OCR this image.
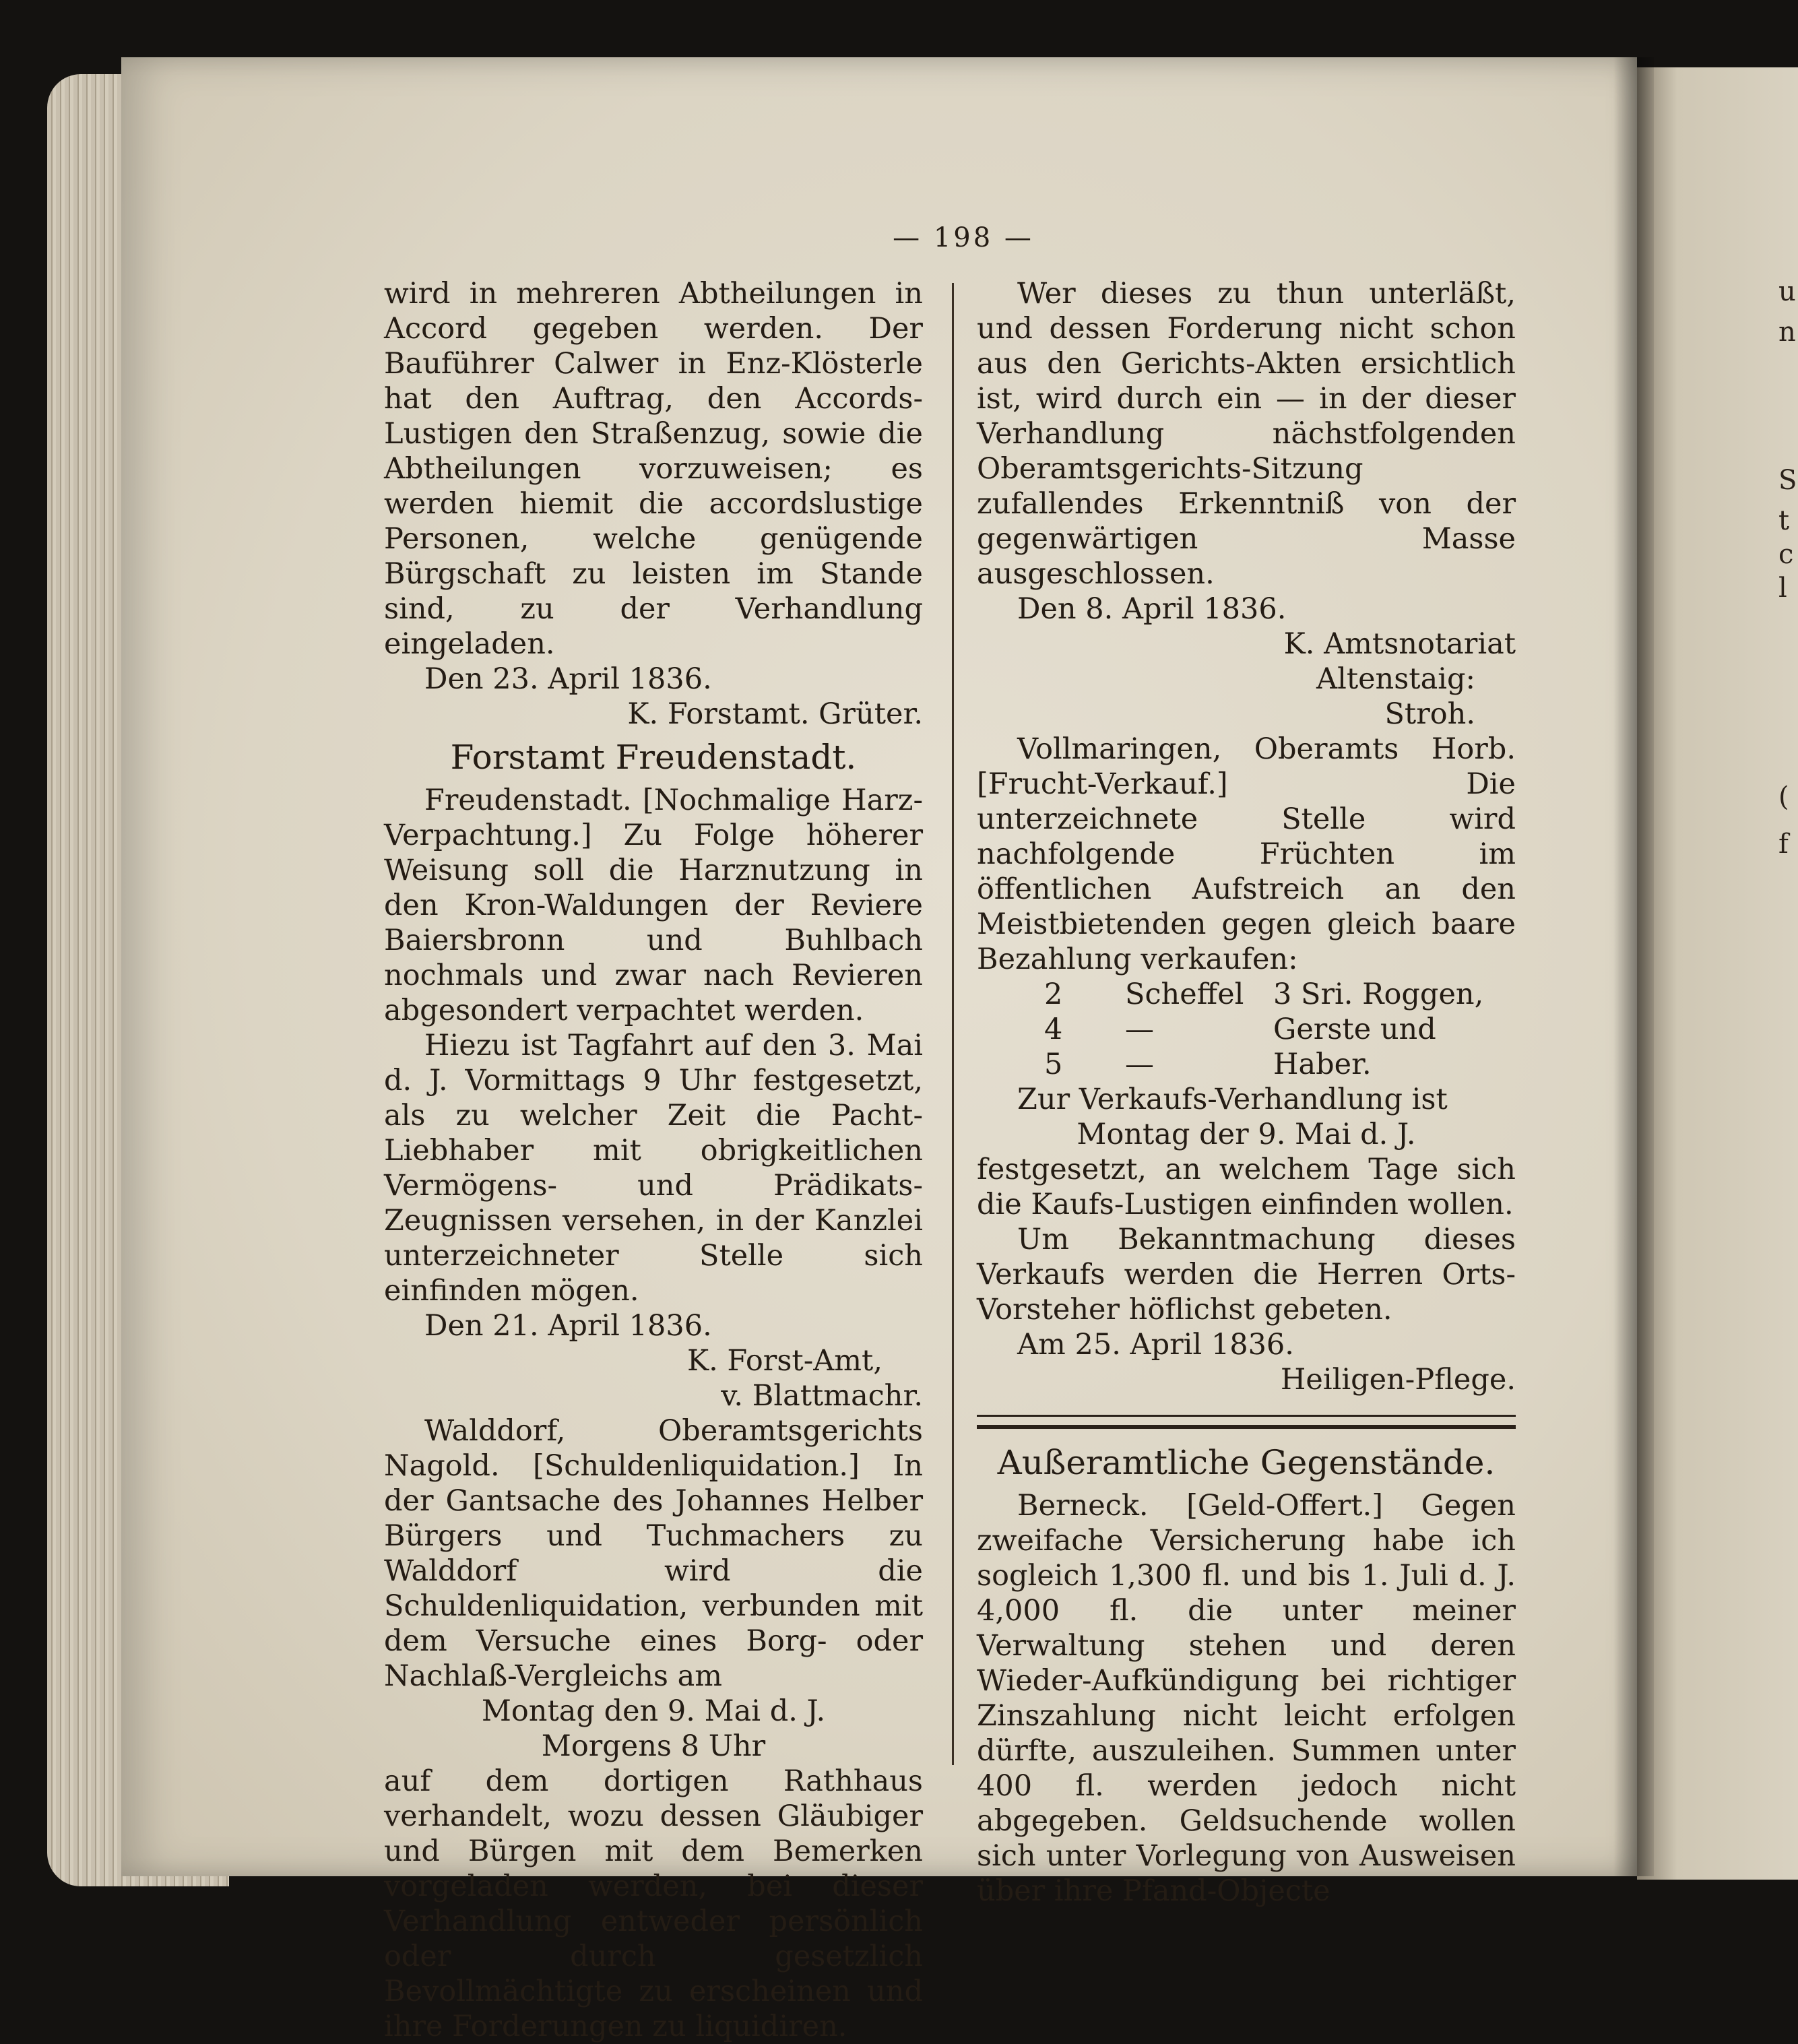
— 198 —

wird in mehreren Abtheilungen in Accord gegeben werden. Der Bauführer Calwer in Enz-Klösterle hat den Auftrag, den Accords-Lustigen den Straßenzug, sowie die Abtheilungen vorzuweisen; es werden hiemit die accordslustige Personen, welche genügende Bürgschaft zu leisten im Stande sind, zu der Verhandlung eingeladen.

Den 23. April 1836.

K. Forstamt. Grüter.

Forstamt Freudenstadt.

Freudenstadt. [Nochmalige Harz-Verpachtung.] Zu Folge höherer Weisung soll die Harznutzung in den Kron-Waldungen der Reviere Baiersbronn und Buhlbach nochmals und zwar nach Revieren abgesondert verpachtet werden.

Hiezu ist Tagfahrt auf den 3. Mai d. J. Vormittags 9 Uhr festgesetzt, als zu welcher Zeit die Pacht-Liebhaber mit obrigkeitlichen Vermögens- und Prädikats-Zeugnissen versehen, in der Kanzlei unterzeichneter Stelle sich einfinden mögen.

Den 21. April 1836.

K. Forst-Amt,

v. Blattmachr.

Walddorf, Oberamtsgerichts Nagold. [Schuldenliquidation.] In der Gantsache des Johannes Helber Bürgers und Tuchmachers zu Walddorf wird die Schuldenliquidation, verbunden mit dem Versuche eines Borg- oder Nachlaß-Vergleichs am

Montag den 9. Mai d. J.

Morgens 8 Uhr

auf dem dortigen Rathhaus verhandelt, wozu dessen Gläubiger und Bürgen mit dem Bemerken vorgeladen werden, bei dieser Verhandlung entweder persönlich oder durch gesetzlich Bevollmächtigte zu erscheinen und ihre Forderungen zu liquidiren.

Wer dieses zu thun unterläßt, und dessen Forderung nicht schon aus den Gerichts-Akten ersichtlich ist, wird durch ein — in der dieser Verhandlung nächstfolgenden Oberamtsgerichts-Sitzung zufallendes Erkenntniß von der gegenwärtigen Masse ausgeschlossen.

Den 8. April 1836.

K. Amtsnotariat

Altenstaig:

Stroh.

Vollmaringen, Oberamts Horb. [Frucht-Verkauf.] Die unterzeichnete Stelle wird nachfolgende Früchten im öffentlichen Aufstreich an den Meistbietenden gegen gleich baare Bezahlung verkaufen:

2	Scheffel	3 Sri. Roggen,
4	—	Gerste und
5	—	Haber.

Zur Verkaufs-Verhandlung ist

Montag der 9. Mai d. J.

festgesetzt, an welchem Tage sich die Kaufs-Lustigen einfinden wollen.

Um Bekanntmachung dieses Verkaufs werden die Herren Orts-Vorsteher höflichst gebeten.

Am 25. April 1836.

Heiligen-Pflege.

Außeramtliche Gegenstände.

Berneck. [Geld-Offert.] Gegen zweifache Versicherung habe ich sogleich 1,300 fl. und bis 1. Juli d. J. 4,000 fl. die unter meiner Verwaltung stehen und deren Wieder-Aufkündigung bei richtiger Zinszahlung nicht leicht erfolgen dürfte, auszuleihen. Summen unter 400 fl. werden jedoch nicht abgegeben. Geldsuchende wollen sich unter Vorlegung von Ausweisen über ihre Pfand-Objecte

u
n
S
t
c
l
(
f
